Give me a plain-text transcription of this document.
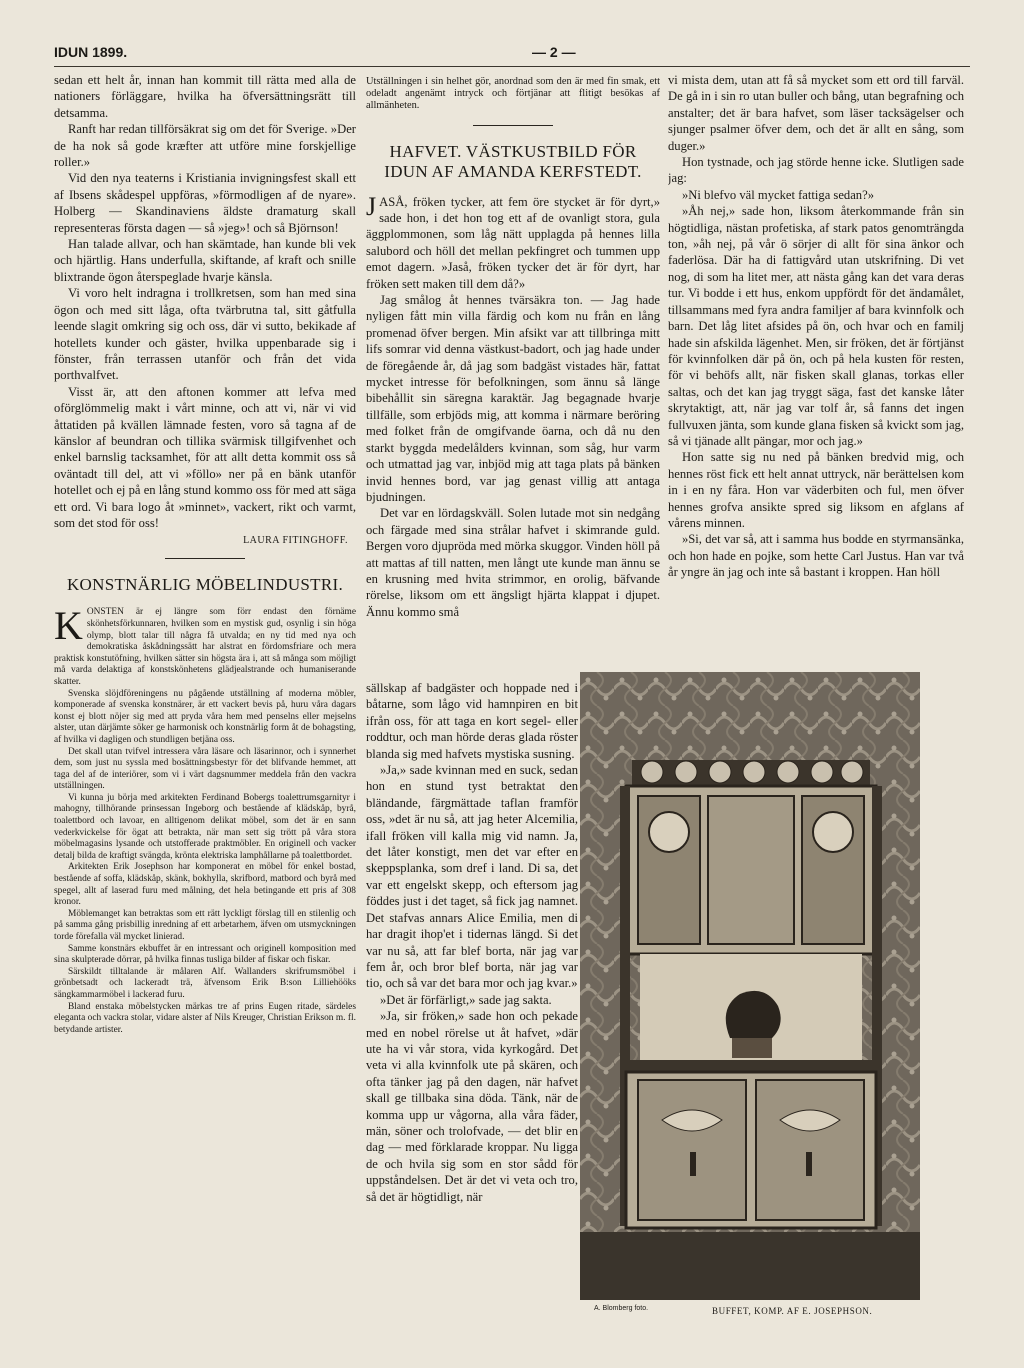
IDUN 1899.	— 2 —

sedan ett helt år, innan han kommit till rätta med alla de nationers förläggare, hvilka ha öfversättningsrätt till detsamma.

Ranft har redan tillförsäkrat sig om det för Sverige. »Der de ha nok så gode kræfter att utföre mine forskjellige roller.»

Vid den nya teaterns i Kristiania invigningsfest skall ett af Ibsens skådespel uppföras, »förmodligen af de nyare». Holberg — Skandinaviens äldste dramaturg skall representeras första dagen — så »jeg»! och så Björnson!

Han talade allvar, och han skämtade, han kunde bli vek och hjärtlig. Hans underfulla, skiftande, af kraft och snille blixtrande ögon återspeglade hvarje känsla.

Vi voro helt indragna i trollkretsen, som han med sina ögon och med sitt låga, ofta tvärbrutna tal, sitt gåtfulla leende slagit omkring sig och oss, där vi sutto, bekikade af hotellets kunder och gäster, hvilka uppenbarade sig i fönster, från terrassen utanför och från det vida porthvalfvet.

Visst är, att den aftonen kommer att lefva med oförglömmelig makt i vårt minne, och att vi, när vi vid åttatiden på kvällen lämnade festen, voro så tagna af de känslor af beundran och tillika svärmisk tillgifvenhet och enkel barnslig tacksamhet, för att allt detta kommit oss så oväntadt till del, att vi »föllo» ner på en bänk utanför hotellet och ej på en lång stund kommo oss för med att säga ett ord. Vi bara logo åt »minnet», vackert, rikt och varmt, som det stod för oss!

LAURA FITINGHOFF.
KONSTNÄRLIG MÖBELINDUSTRI.

KONSTEN är ej längre som förr endast den förnäme skönhetsförkunnaren, hvilken som en mystisk gud, osynlig i sin höga olymp, blott talar till några få utvalda; en ny tid med nya och demokratiska åskådningssätt har alstrat en fördomsfriare och mera praktisk konstutöfning, hvilken sätter sin högsta ära i, att så många som möjligt må varda delaktiga af konstskönhetens glädjealstrande och humaniserande skatter.

Svenska slöjdföreningens nu pågående utställning af moderna möbler, komponerade af svenska konstnärer, är ett vackert bevis på, huru våra dagars konst ej blott nöjer sig med att pryda våra hem med penselns eller mejselns alster, utan därjämte söker ge harmonisk och konstnärlig form åt de bohagsting, af hvilka vi dagligen och stundligen betjäna oss.

Det skall utan tvifvel intressera våra läsare och läsarinnor, och i synnerhet dem, som just nu syssla med bosättningsbestyr för det blifvande hemmet, att taga del af de interiörer, som vi i värt dagsnummer meddela från den vackra utställningen.

Vi kunna ju börja med arkitekten Ferdinand Bobergs toalettrumsgarnityr i mahogny, tillhörande prinsessan Ingeborg och bestående af klädskåp, byrå, toalettbord och lavoar, en alltigenom delikat möbel, som det är en sann vederkvickelse för ögat att betrakta, när man sett sig trött på våra stora möbelmagasins lysande och utstofferade praktmöbler. En originell och vacker detalj bilda de kraftigt svängda, krönta elektriska lamphållarne på toalettbordet.

Arkitekten Erik Josephson har komponerat en möbel för enkel bostad, bestående af soffa, klädskåp, skänk, bokhylla, skrifbord, matbord och byrå med spegel, allt af laserad furu med målning, det hela betingande ett pris af 308 kronor.

Möblemanget kan betraktas som ett rätt lyckligt förslag till en stilenlig och på samma gång prisbillig inredning af ett arbetarhem, äfven om utsmyckningen torde förefalla väl mycket linierad.

Samme konstnärs ekbuffet är en intressant och originell komposition med sina skulpterade dörrar, på hvilka finnas tusliga bilder af fiskar och fiskar.

Särskildt tilltalande är målaren Alf. Wallanders skrifrumsmöbel i grönbetsadt och lackeradt trä, äfvensom Erik B:son Lilliehööks sängkammarmöbel i lackerad furu.

Bland enstaka möbelstycken märkas tre af prins Eugen ritade, särdeles eleganta och vackra stolar, vidare alster af Nils Kreuger, Christian Erikson m. fl. betydande artister.

Utställningen i sin helhet gör, anordnad som den är med fin smak, ett odeladt angenämt intryck och förtjänar att flitigt besökas af allmänheten.
HAFVET. VÄSTKUSTBILD FÖR
IDUN AF AMANDA KERFSTEDT.

JASÅ, fröken tycker, att fem öre stycket är för dyrt,» sade hon, i det hon tog ett af de ovanligt stora, gula äggplommonen, som låg nätt upplagda på hennes lilla salubord och höll det mellan pekfingret och tummen upp emot dagern. »Jaså, fröken tycker det är för dyrt, har fröken sett maken till dem då?»

Jag smålog åt hennes tvärsäkra ton. — Jag hade nyligen fått min villa färdig och kom nu från en lång promenad öfver bergen. Min afsikt var att tillbringa mitt lifs somrar vid denna västkust-badort, och jag hade under de föregående år, då jag som badgäst vistades här, fattat mycket intresse för befolkningen, som ännu så länge bibehållit sin säregna karaktär. Jag begagnade hvarje tillfälle, som erbjöds mig, att komma i närmare beröring med folket från de omgifvande öarna, och då nu den starkt byggda medelålders kvinnan, som såg, hur varm och utmattad jag var, inbjöd mig att taga plats på bänken invid hennes bord, var jag genast villig att antaga bjudningen.

Det var en lördagskväll. Solen lutade mot sin nedgång och färgade med sina strålar hafvet i skimrande guld. Bergen voro djupröda med mörka skuggor. Vinden höll på att mattas af till natten, men långt ute kunde man ännu se en krusning med hvita strimmor, en orolig, bäfvande rörelse, liksom om ett ängsligt hjärta klappat i djupet. Ännu kommo små

vi mista dem, utan att få så mycket som ett ord till farväl. De gå in i sin ro utan buller och bång, utan begrafning och anstalter; det är bara hafvet, som läser tacksägelser och sjunger psalmer öfver dem, och det är allt en sång, som duger.»

Hon tystnade, och jag störde henne icke. Slutligen sade jag:

»Ni blefvo väl mycket fattiga sedan?»

»Åh nej,» sade hon, liksom återkommande från sin högtidliga, nästan profetiska, af stark patos genomträngda ton, »åh nej, på vår ö sörjer di allt för sina änkor och faderlösa. Där ha di fattigvård utan utskrifning. Di vet nog, di som ha litet mer, att nästa gång kan det vara deras tur. Vi bodde i ett hus, enkom uppfördt för det ändamålet, tillsammans med fyra andra familjer af bara kvinnfolk och barn. Det låg litet afsides på ön, och hvar och en familj hade sin afskilda lägenhet. Men, sir fröken, det är förtjänst för kvinnfolken där på ön, och på hela kusten för resten, för vi behöfs allt, när fisken skall glanas, torkas eller saltas, och det kan jag tryggt säga, fast det kanske låter skrytaktigt, att, när jag var tolf år, så fanns det ingen fullvuxen jänta, som kunde glana fisken så kvickt som jag, så vi tjänade allt pängar, mor och jag.»

Hon satte sig nu ned på bänken bredvid mig, och hennes röst fick ett helt annat uttryck, när berättelsen kom in i en ny fåra. Hon var väderbiten och ful, men öfver hennes grofva ansikte spred sig liksom en afglans af vårens minnen.

»Si, det var så, att i samma hus bodde en styrmansänka, och hon hade en pojke, som hette Carl Justus. Han var två år yngre än jag och inte så bastant i kroppen. Han höll

sällskap af badgäster och hoppade ned i båtarne, som lågo vid hamnpiren en bit ifrån oss, för att taga en kort segel- eller roddtur, och man hörde deras glada röster blanda sig med hafvets mystiska susning.

»Ja,» sade kvinnan med en suck, sedan hon en stund tyst betraktat den bländande, färgmättade taflan framför oss, »det är nu så, att jag heter Alcemilia, ifall fröken vill kalla mig vid namn. Ja, det låter konstigt, men det var efter en skeppsplanka, som dref i land. Di sa, det var ett engelskt skepp, och eftersom jag föddes just i det taget, så fick jag namnet. Det stafvas annars Alice Emilia, men di har dragit ihop'et i tidernas längd. Si det var nu så, att far blef borta, när jag var fem år, och bror blef borta, när jag var tio, och så var det bara mor och jag kvar.»

»Det är förfärligt,» sade jag sakta.

»Ja, sir fröken,» sade hon och pekade med en nobel rörelse ut åt hafvet, »där ute ha vi vår stora, vida kyrkogård. Det veta vi alla kvinnfolk ute på skären, och ofta tänker jag på den dagen, när hafvet skall ge tillbaka sina döda. Tänk, när de komma upp ur vågorna, alla våra fäder, män, söner och trolofvade, — det blir en dag — med förklarade kroppar. Nu ligga de och hvila sig som en stor sådd för uppståndelsen. Det är det vi veta och tro, så det är högtidligt, när

A. Blomberg foto.	BUFFET, KOMP. AF E. JOSEPHSON.
